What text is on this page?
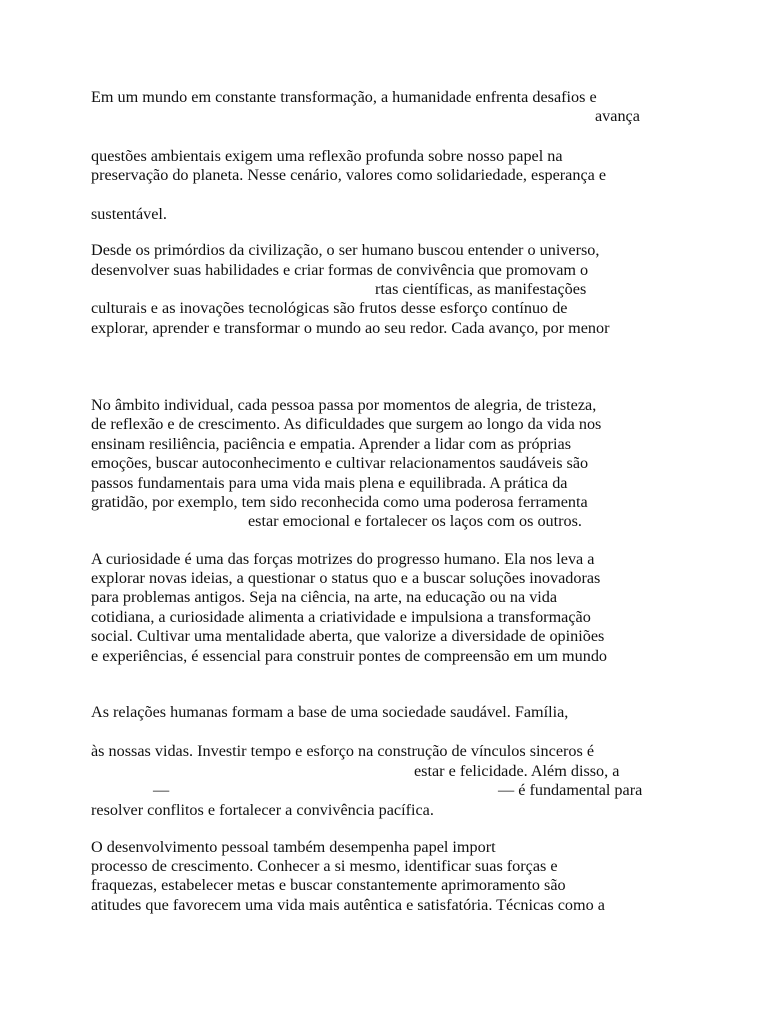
Em um mundo em constante transformação, a humanidade enfrenta desafios e
avança
questões ambientais exigem uma reflexão profunda sobre nosso papel na
preservação do planeta. Nesse cenário, valores como solidariedade, esperança e
sustentável.
Desde os primórdios da civilização, o ser humano buscou entender o universo,
desenvolver suas habilidades e criar formas de convivência que promovam o
rtas científicas, as manifestações
culturais e as inovações tecnológicas são frutos desse esforço contínuo de
explorar, aprender e transformar o mundo ao seu redor. Cada avanço, por menor
No âmbito individual, cada pessoa passa por momentos de alegria, de tristeza,
de reflexão e de crescimento. As dificuldades que surgem ao longo da vida nos
ensinam resiliência, paciência e empatia. Aprender a lidar com as próprias
emoções, buscar autoconhecimento e cultivar relacionamentos saudáveis são
passos fundamentais para uma vida mais plena e equilibrada. A prática da
gratidão, por exemplo, tem sido reconhecida como uma poderosa ferramenta
estar emocional e fortalecer os laços com os outros.
A curiosidade é uma das forças motrizes do progresso humano. Ela nos leva a
explorar novas ideias, a questionar o status quo e a buscar soluções inovadoras
para problemas antigos. Seja na ciência, na arte, na educação ou na vida
cotidiana, a curiosidade alimenta a criatividade e impulsiona a transformação
social. Cultivar uma mentalidade aberta, que valorize a diversidade de opiniões
e experiências, é essencial para construir pontes de compreensão em um mundo
As relações humanas formam a base de uma sociedade saudável. Família,
às nossas vidas. Investir tempo e esforço na construção de vínculos sinceros é
estar e felicidade. Além disso, a
—	— é fundamental para
resolver conflitos e fortalecer a convivência pacífica.
O desenvolvimento pessoal também desempenha papel import
processo de crescimento. Conhecer a si mesmo, identificar suas forças e
fraquezas, estabelecer metas e buscar constantemente aprimoramento são
atitudes que favorecem uma vida mais autêntica e satisfatória. Técnicas como a
